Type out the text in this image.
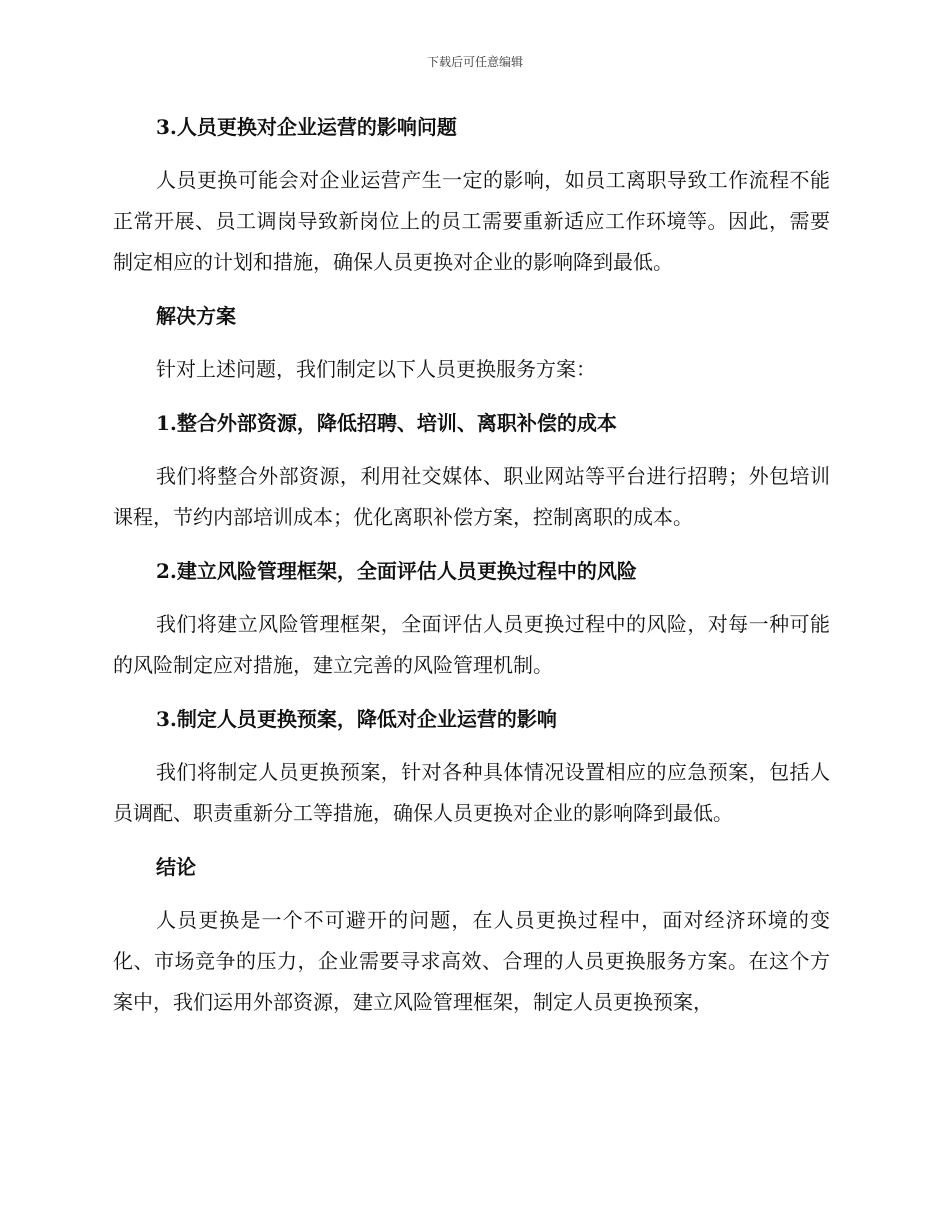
下载后可任意编辑
3.人员更换对企业运营的影响问题

人员更换可能会对企业运营产生一定的影响，如员工离职导致工作流程不能正常开展、员工调岗导致新岗位上的员工需要重新适应工作环境等。因此，需要制定相应的计划和措施，确保人员更换对企业的影响降到最低。

解决方案

针对上述问题，我们制定以下人员更换服务方案：

1.整合外部资源，降低招聘、培训、离职补偿的成本

我们将整合外部资源，利用社交媒体、职业网站等平台进行招聘；外包培训课程，节约内部培训成本；优化离职补偿方案，控制离职的成本。

2.建立风险管理框架，全面评估人员更换过程中的风险

我们将建立风险管理框架，全面评估人员更换过程中的风险，对每一种可能的风险制定应对措施，建立完善的风险管理机制。

3.制定人员更换预案，降低对企业运营的影响

我们将制定人员更换预案，针对各种具体情况设置相应的应急预案，包括人员调配、职责重新分工等措施，确保人员更换对企业的影响降到最低。

结论

人员更换是一个不可避开的问题，在人员更换过程中，面对经济环境的变化、市场竞争的压力，企业需要寻求高效、合理的人员更换服务方案。在这个方案中，我们运用外部资源，建立风险管理框架，制定人员更换预案，
